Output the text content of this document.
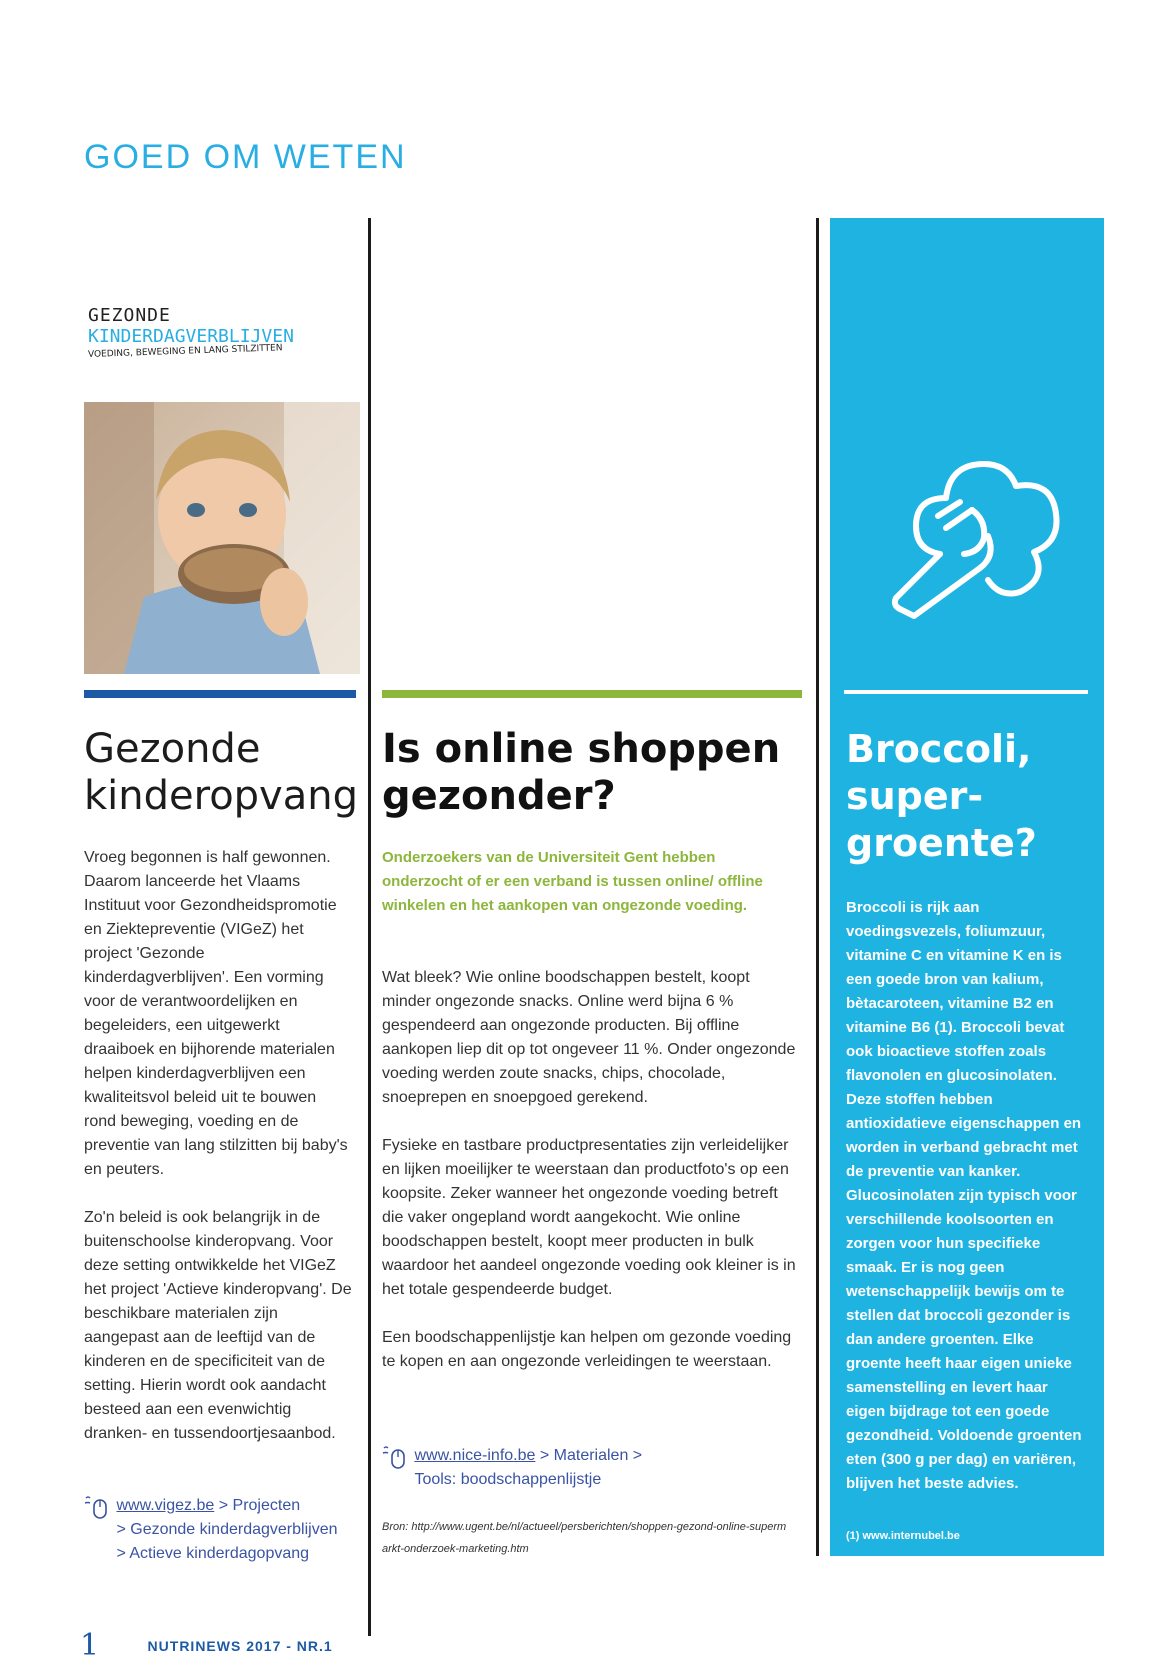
GOED OM WETEN
GEZONDE
KINDERDAGVERBLIJVEN
VOEDING, BEWEGING EN LANG STILZITTEN
Gezonde kinderopvang

Vroeg begonnen is half gewonnen. Daarom lanceerde het Vlaams Instituut voor Gezondheidspromotie en Ziektepreventie (VIGeZ) het project 'Gezonde kinderdagverblijven'. Een vorming voor de verantwoordelijken en begeleiders, een uitgewerkt draaiboek en bijhorende materialen helpen kinderdagverblijven een kwaliteitsvol beleid uit te bouwen rond beweging, voeding en de preventie van lang stilzitten bij baby's en peuters.

Zo'n beleid is ook belangrijk in de buitenschoolse kinderopvang. Voor deze setting ontwikkelde het VIGeZ het project 'Actieve kinderopvang'. De beschikbare materialen zijn aangepast aan de leeftijd van de kinderen en de specificiteit van de setting. Hierin wordt ook aandacht besteed aan een evenwichtig dranken- en tussendoortjesaanbod.

www.vigez.be > Projecten
> Gezonde kinderdagverblijven
> Actieve kinderdagopvang
Is online shoppen gezonder?
Onderzoekers van de Universiteit Gent hebben onderzocht of er een verband is tussen online/ offline winkelen en het aankopen van ongezonde voeding.

Wat bleek? Wie online boodschappen bestelt, koopt minder ongezonde snacks. Online werd bijna 6 % gespendeerd aan ongezonde producten. Bij offline aankopen liep dit op tot ongeveer 11 %. Onder ongezonde voeding werden zoute snacks, chips, chocolade, snoeprepen en snoepgoed gerekend.

Fysieke en tastbare productpresentaties zijn verleidelijker en lijken moeilijker te weerstaan dan productfoto's op een koopsite. Zeker wanneer het ongezonde voeding betreft die vaker ongepland wordt aangekocht. Wie online boodschappen bestelt, koopt meer producten in bulk waardoor het aandeel ongezonde voeding ook kleiner is in het totale gespendeerde budget.

Een boodschappenlijstje kan helpen om gezonde voeding te kopen en aan ongezonde verleidingen te weerstaan.

www.nice-info.be > Materialen >
Tools: boodschappenlijstje
Bron: http://www.ugent.be/nl/actueel/persberichten/shoppen-gezond-online-supermarkt-onderzoek-marketing.htm
Broccoli,
super-
groente?
Broccoli is rijk aan voedingsvezels, foliumzuur, vitamine C en vitamine K en is een goede bron van kalium, bètacaroteen, vitamine B2 en vitamine B6 (1). Broccoli bevat ook bioactieve stoffen zoals flavonolen en glucosinolaten. Deze stoffen hebben antioxidatieve eigenschappen en worden in verband gebracht met de preventie van kanker. Glucosinolaten zijn typisch voor verschillende koolsoorten en zorgen voor hun specifieke smaak. Er is nog geen wetenschappelijk bewijs om te stellen dat broccoli gezonder is dan andere groenten. Elke groente heeft haar eigen unieke samenstelling en levert haar eigen bijdrage tot een goede gezondheid. Voldoende groenten eten (300 g per dag) en variëren, blijven het beste advies.
(1) www.internubel.be
1	NUTRINEWS 2017 - NR.1
